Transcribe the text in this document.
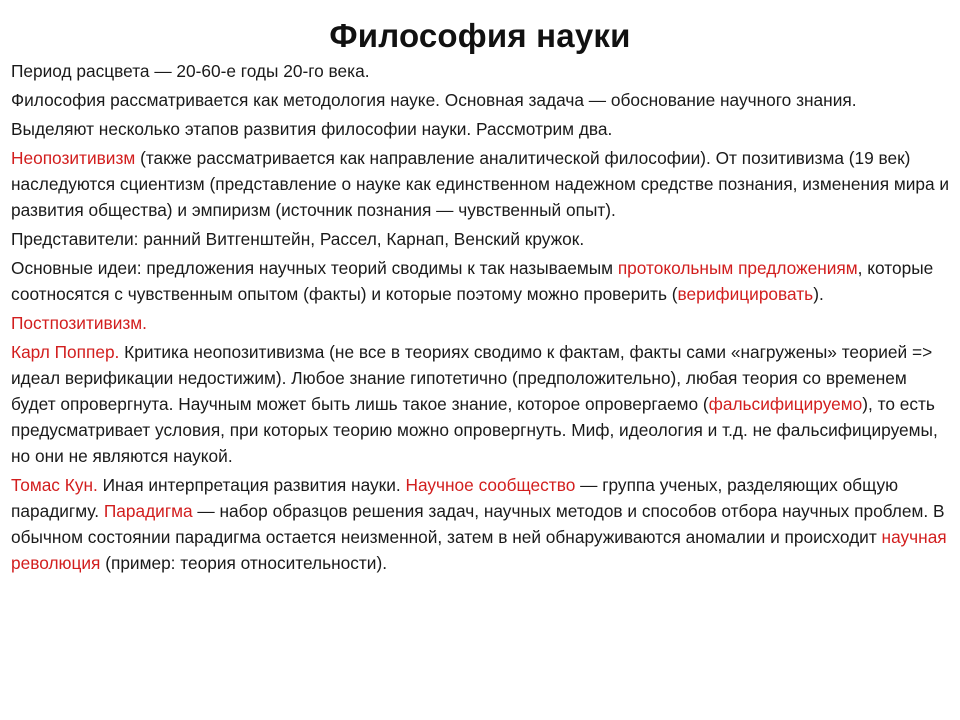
Философия науки

Период расцвета — 20-60-е годы 20-го века.

Философия рассматривается как методология науке. Основная задача — обоснование научного знания.

Выделяют несколько этапов развития философии науки. Рассмотрим два.

Неопозитивизм (также рассматривается как направление аналитической философии). От позитивизма (19 век) наследуются сциентизм (представление о науке как единственном надежном средстве познания, изменения мира и развития общества) и эмпиризм (источник познания — чувственный опыт).

Представители: ранний Витгенштейн, Рассел, Карнап, Венский кружок.

Основные идеи: предложения научных теорий сводимы к так называемым протокольным предложениям, которые соотносятся с чувственным опытом (факты) и которые поэтому можно проверить (верифицировать).

Постпозитивизм.

Карл Поппер. Критика неопозитивизма (не все в теориях сводимо к фактам, факты сами «нагружены» теорией => идеал верификации недостижим). Любое знание гипотетично (предположительно), любая теория со временем будет опровергнута. Научным может быть лишь такое знание, которое опровергаемо (фальсифицируемо), то есть предусматривает условия, при которых теорию можно опровергнуть. Миф, идеология и т.д. не фальсифицируемы, но они не являются наукой.

Томас Кун. Иная интерпретация развития науки. Научное сообщество — группа ученых, разделяющих общую парадигму. Парадигма — набор образцов решения задач, научных методов и способов отбора научных проблем. В обычном состоянии парадигма остается неизменной, затем в ней обнаруживаются аномалии и происходит научная революция (пример: теория относительности).
